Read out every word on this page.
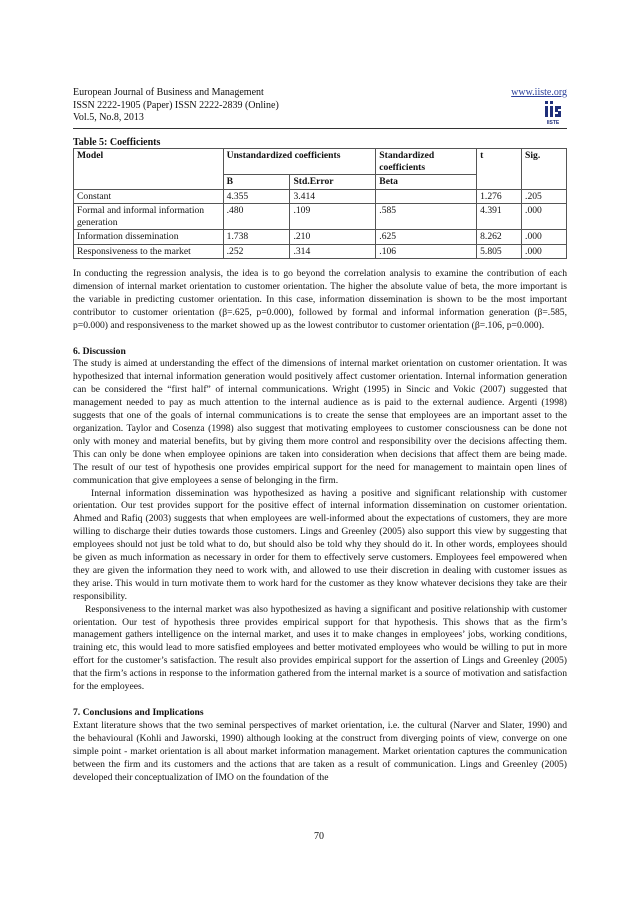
European Journal of Business and Management
ISSN 2222-1905 (Paper) ISSN 2222-2839 (Online)
Vol.5, No.8, 2013
www.iiste.org
IISTE
Table 5: Coefficients
Model	Unstandardized coefficients		Standardized coefficients	t	Sig.
	B	Std.Error	Beta		
Constant	4.355	3.414		1.276	.205
Formal and informal information generation	.480	.109	.585	4.391	.000
Information dissemination	1.738	.210	.625	8.262	.000
Responsiveness to the market	.252	.314	.106	5.805	.000

In conducting the regression analysis, the idea is to go beyond the correlation analysis to examine the contribution of each dimension of internal market orientation to customer orientation. The higher the absolute value of beta, the more important is the variable in predicting customer orientation. In this case, information dissemination is shown to be the most important contributor to customer orientation (β=.625, p=0.000), followed by formal and informal information generation (β=.585, p=0.000) and responsiveness to the market showed up as the lowest contributor to customer orientation (β=.106, p=0.000).

6. Discussion

The study is aimed at understanding the effect of the dimensions of internal market orientation on customer orientation. It was hypothesized that internal information generation would positively affect customer orientation. Internal information generation can be considered the “first half” of internal communications. Wright (1995) in Sincic and Vokic (2007) suggested that management needed to pay as much attention to the internal audience as is paid to the external audience. Argenti (1998) suggests that one of the goals of internal communications is to create the sense that employees are an important asset to the organization. Taylor and Cosenza (1998) also suggest that motivating employees to customer consciousness can be done not only with money and material benefits, but by giving them more control and responsibility over the decisions affecting them. This can only be done when employee opinions are taken into consideration when decisions that affect them are being made. The result of our test of hypothesis one provides empirical support for the need for management to maintain open lines of communication that give employees a sense of belonging in the firm.

Internal information dissemination was hypothesized as having a positive and significant relationship with customer orientation. Our test provides support for the positive effect of internal information dissemination on customer orientation. Ahmed and Rafiq (2003) suggests that when employees are well-informed about the expectations of customers, they are more willing to discharge their duties towards those customers. Lings and Greenley (2005) also support this view by suggesting that employees should not just be told what to do, but should also be told why they should do it. In other words, employees should be given as much information as necessary in order for them to effectively serve customers. Employees feel empowered when they are given the information they need to work with, and allowed to use their discretion in dealing with customer issues as they arise. This would in turn motivate them to work hard for the customer as they know whatever decisions they take are their responsibility.

Responsiveness to the internal market was also hypothesized as having a significant and positive relationship with customer orientation. Our test of hypothesis three provides empirical support for that hypothesis. This shows that as the firm’s management gathers intelligence on the internal market, and uses it to make changes in employees’ jobs, working conditions, training etc, this would lead to more satisfied employees and better motivated employees who would be willing to put in more effort for the customer’s satisfaction. The result also provides empirical support for the assertion of Lings and Greenley (2005) that the firm’s actions in response to the information gathered from the internal market is a source of motivation and satisfaction for the employees.

7. Conclusions and Implications

Extant literature shows that the two seminal perspectives of market orientation, i.e. the cultural (Narver and Slater, 1990) and the behavioural (Kohli and Jaworski, 1990) although looking at the construct from diverging points of view, converge on one simple point - market orientation is all about market information management. Market orientation captures the communication between the firm and its customers and the actions that are taken as a result of communication. Lings and Greenley (2005) developed their conceptualization of IMO on the foundation of the

70
